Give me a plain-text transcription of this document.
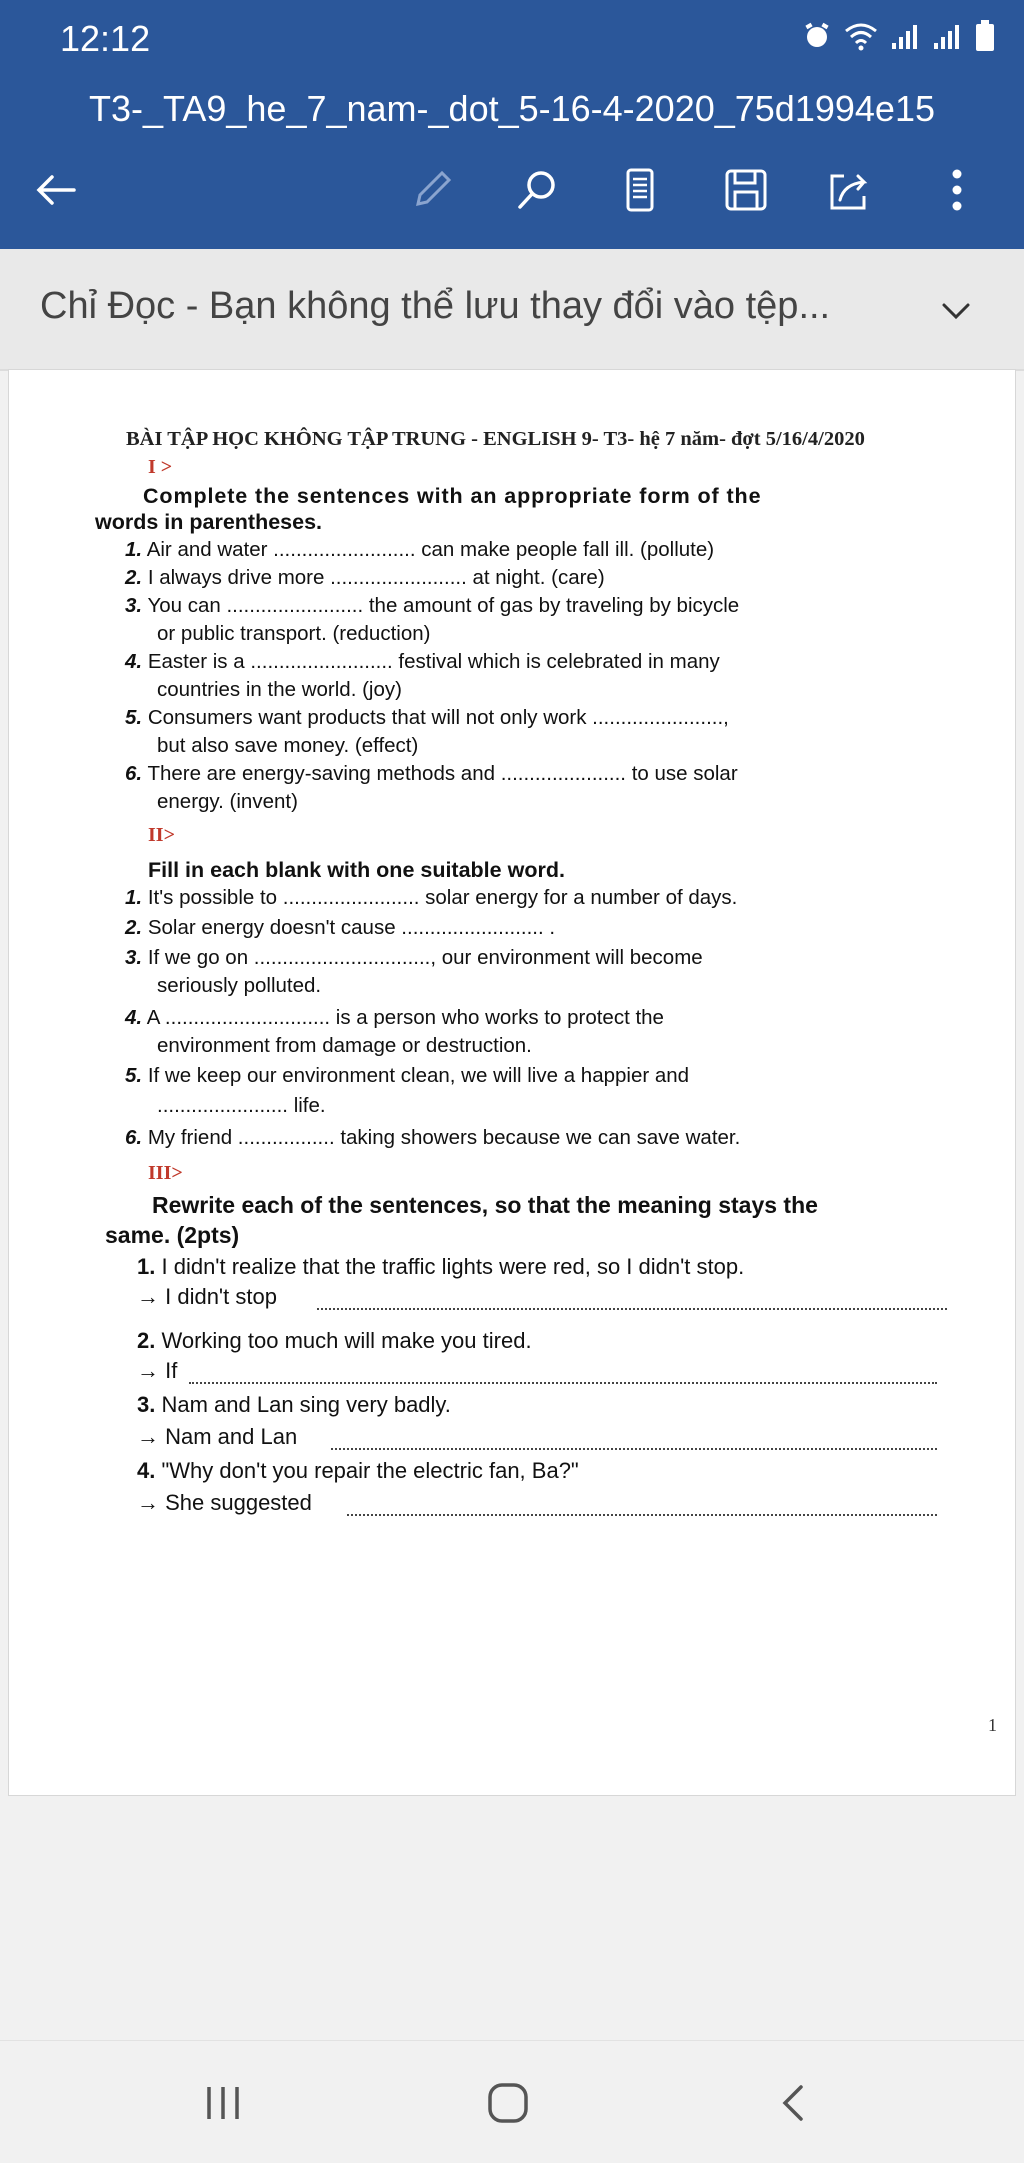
12:12
T3-_TA9_he_7_nam-_dot_5-16-4-2020_75d1994e15
Chỉ Đọc - Bạn không thể lưu thay đổi vào tệp...
BÀI TẬP HỌC KHÔNG TẬP TRUNG - ENGLISH 9- T3- hệ 7 năm- đợt 5/16/4/2020
I >
Complete the sentences with an appropriate form of the
words in parentheses.
1. Air and water ......................... can make people fall ill. (pollute)
2. I always drive more ........................ at night. (care)
3. You can ........................ the amount of gas by traveling by bicycle
or public transport. (reduction)
4. Easter is a ......................... festival which is celebrated in many
countries in the world. (joy)
5. Consumers want products that will not only work .......................,
but also save money. (effect)
6. There are energy-saving methods and ...................... to use solar
energy. (invent)
II>
Fill in each blank with one suitable word.
1. It's possible to ........................ solar energy for a number of days.
2. Solar energy doesn't cause ......................... .
3. If we go on ..............................., our environment will become
seriously polluted.
4. A ............................. is a person who works to protect the
environment from damage or destruction.
5. If we keep our environment clean, we will live a happier and
....................... life.
6. My friend ................. taking showers because we can save water.
III>
Rewrite each of the sentences, so that the meaning stays the
same. (2pts)
1. I didn't realize that the traffic lights were red, so I didn't stop.
→ I didn't stop
2. Working too much will make you tired.
→ If
3. Nam and Lan sing very badly.
→ Nam and Lan
4. "Why don't you repair the electric fan, Ba?"
→ She suggested
1
